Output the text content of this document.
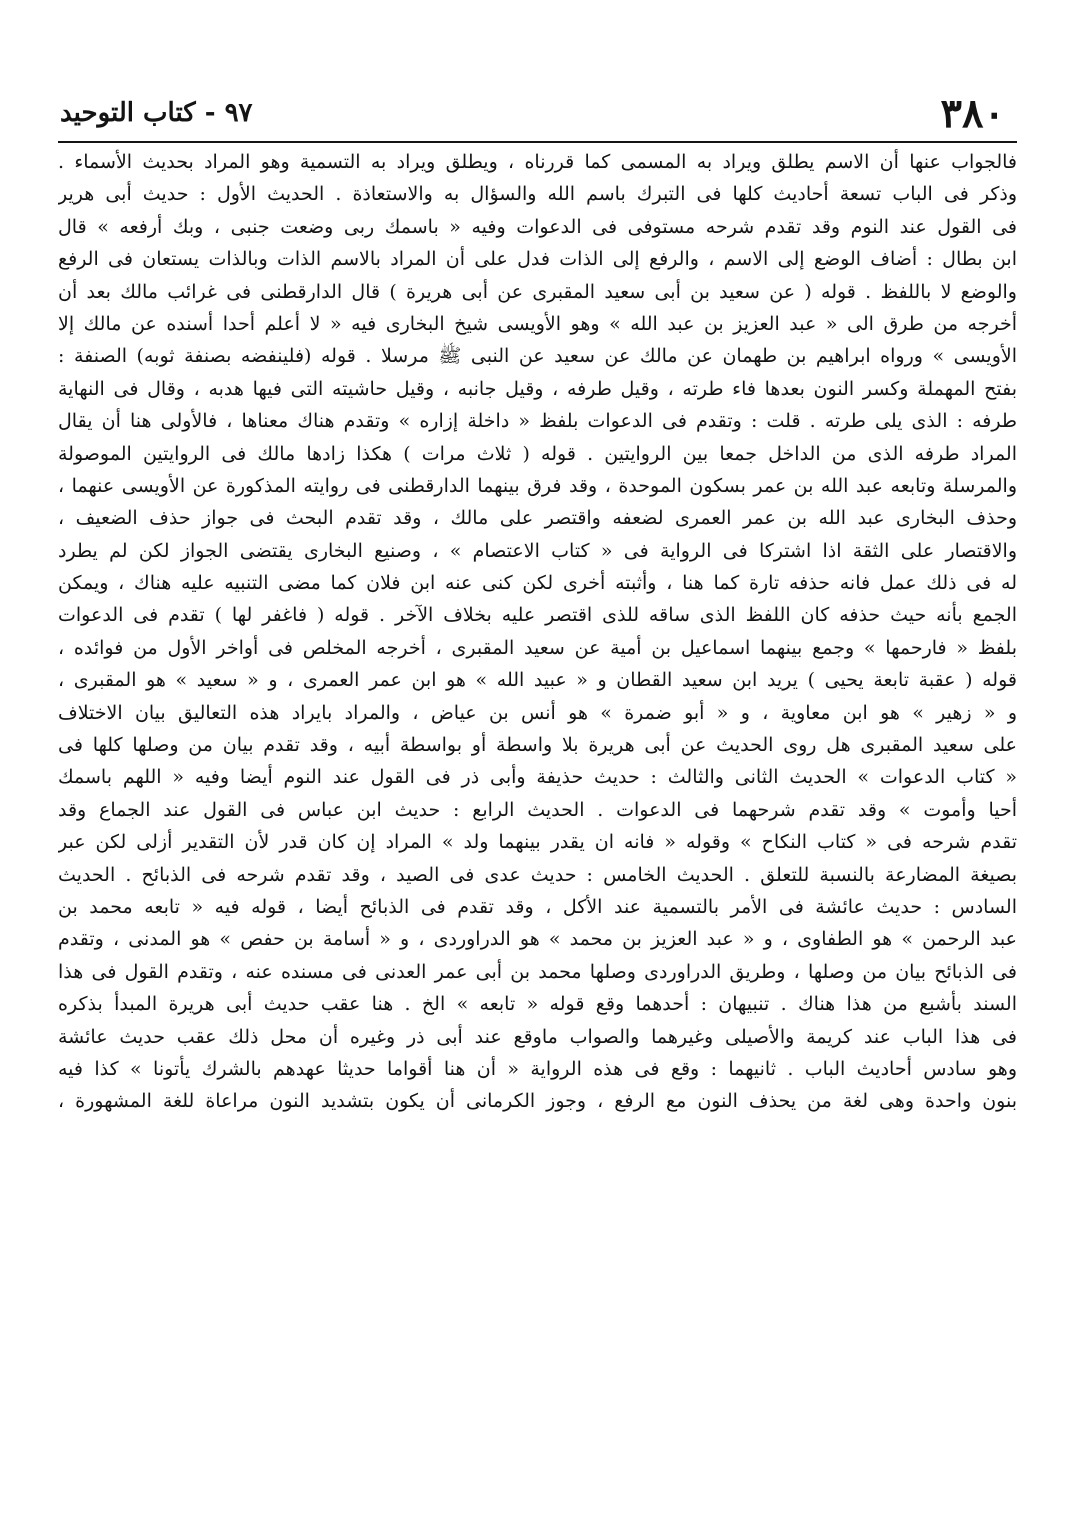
٩٧ - كتاب التوحيد	٣٨٠
فالجواب عنها أن الاسم يطلق ويراد به المسمى كما قررناه ، ويطلق ويراد به التسمية وهو المراد بحديث الأسماء .
وذكر فى الباب تسعة أحاديث كلها فى التبرك باسم الله والسؤال به والاستعاذة . الحديث الأول : حديث أبى هرير
فى القول عند النوم وقد تقدم شرحه مستوفى فى الدعوات وفيه « باسمك ربى وضعت جنبى ، وبك أرفعه » قال
ابن بطال : أضاف الوضع إلى الاسم ، والرفع إلى الذات فدل على أن المراد بالاسم الذات وبالذات يستعان فى الرفع
والوضع لا باللفظ . قوله ( عن سعيد بن أبى سعيد المقبرى عن أبى هريرة ) قال الدارقطنى فى غرائب مالك بعد أن
أخرجه من طرق الى « عبد العزيز بن عبد الله » وهو الأويسى شيخ البخارى فيه « لا أعلم أحدا أسنده عن مالك إلا
الأويسى » ورواه ابراهيم بن طهمان عن مالك عن سعيد عن النبى ﷺ مرسلا . قوله (فلينفضه بصنفة ثوبه) الصنفة :
بفتح المهملة وكسر النون بعدها فاء طرته ، وقيل طرفه ، وقيل جانبه ، وقيل حاشيته التى فيها هدبه ، وقال فى النهاية
طرفه : الذى يلى طرته . قلت : وتقدم فى الدعوات بلفظ « داخلة إزاره » وتقدم هناك معناها ، فالأولى هنا أن يقال
المراد طرفه الذى من الداخل جمعا بين الروايتين . قوله ( ثلاث مرات ) هكذا زادها مالك فى الروايتين الموصولة
والمرسلة وتابعه عبد الله بن عمر بسكون الموحدة ، وقد فرق بينهما الدارقطنى فى روايته المذكورة عن الأويسى عنهما ،
وحذف البخارى عبد الله بن عمر العمرى لضعفه واقتصر على مالك ، وقد تقدم البحث فى جواز حذف الضعيف ،
والاقتصار على الثقة اذا اشتركا فى الرواية فى « كتاب الاعتصام » ، وصنيع البخارى يقتضى الجواز لكن لم يطرد
له فى ذلك عمل فانه حذفه تارة كما هنا ، وأثبته أخرى لكن كنى عنه ابن فلان كما مضى التنبيه عليه هناك ، ويمكن
الجمع بأنه حيث حذفه كان اللفظ الذى ساقه للذى اقتصر عليه بخلاف الآخر . قوله ( فاغفر لها ) تقدم فى الدعوات
بلفظ « فارحمها » وجمع بينهما اسماعيل بن أمية عن سعيد المقبرى ، أخرجه المخلص فى أواخر الأول من فوائده ،
قوله ( عقبة تابعة يحيى ) يريد ابن سعيد القطان و « عبيد الله » هو ابن عمر العمرى ، و « سعيد » هو المقبرى ،
و « زهير » هو ابن معاوية ، و « أبو ضمرة » هو أنس بن عياض ، والمراد بايراد هذه التعاليق بيان الاختلاف
على سعيد المقبرى هل روى الحديث عن أبى هريرة بلا واسطة أو بواسطة أبيه ، وقد تقدم بيان من وصلها كلها فى
« كتاب الدعوات » الحديث الثانى والثالث : حديث حذيفة وأبى ذر فى القول عند النوم أيضا وفيه « اللهم باسمك
أحيا وأموت » وقد تقدم شرحهما فى الدعوات . الحديث الرابع : حديث ابن عباس فى القول عند الجماع وقد
تقدم شرحه فى « كتاب النكاح » وقوله « فانه ان يقدر بينهما ولد » المراد إن كان قدر لأن التقدير أزلى لكن عبر
بصيغة المضارعة بالنسبة للتعلق . الحديث الخامس : حديث عدى فى الصيد ، وقد تقدم شرحه فى الذبائح . الحديث
السادس : حديث عائشة فى الأمر بالتسمية عند الأكل ، وقد تقدم فى الذبائح أيضا ، قوله فيه « تابعه محمد بن
عبد الرحمن » هو الطفاوى ، و « عبد العزيز بن محمد » هو الدراوردى ، و « أسامة بن حفص » هو المدنى ، وتقدم
فى الذبائح بيان من وصلها ، وطريق الدراوردى وصلها محمد بن أبى عمر العدنى فى مسنده عنه ، وتقدم القول فى هذا
السند بأشبع من هذا هناك . تنبيهان : أحدهما وقع قوله « تابعه » الخ . هنا عقب حديث أبى هريرة المبدأ بذكره
فى هذا الباب عند كريمة والأصيلى وغيرهما والصواب ماوقع عند أبى ذر وغيره أن محل ذلك عقب حديث عائشة
وهو سادس أحاديث الباب . ثانيهما : وقع فى هذه الرواية « أن هنا أقواما حديثا عهدهم بالشرك يأتونا » كذا فيه
بنون واحدة وهى لغة من يحذف النون مع الرفع ، وجوز الكرمانى أن يكون بتشديد النون مراعاة للغة المشهورة ،
